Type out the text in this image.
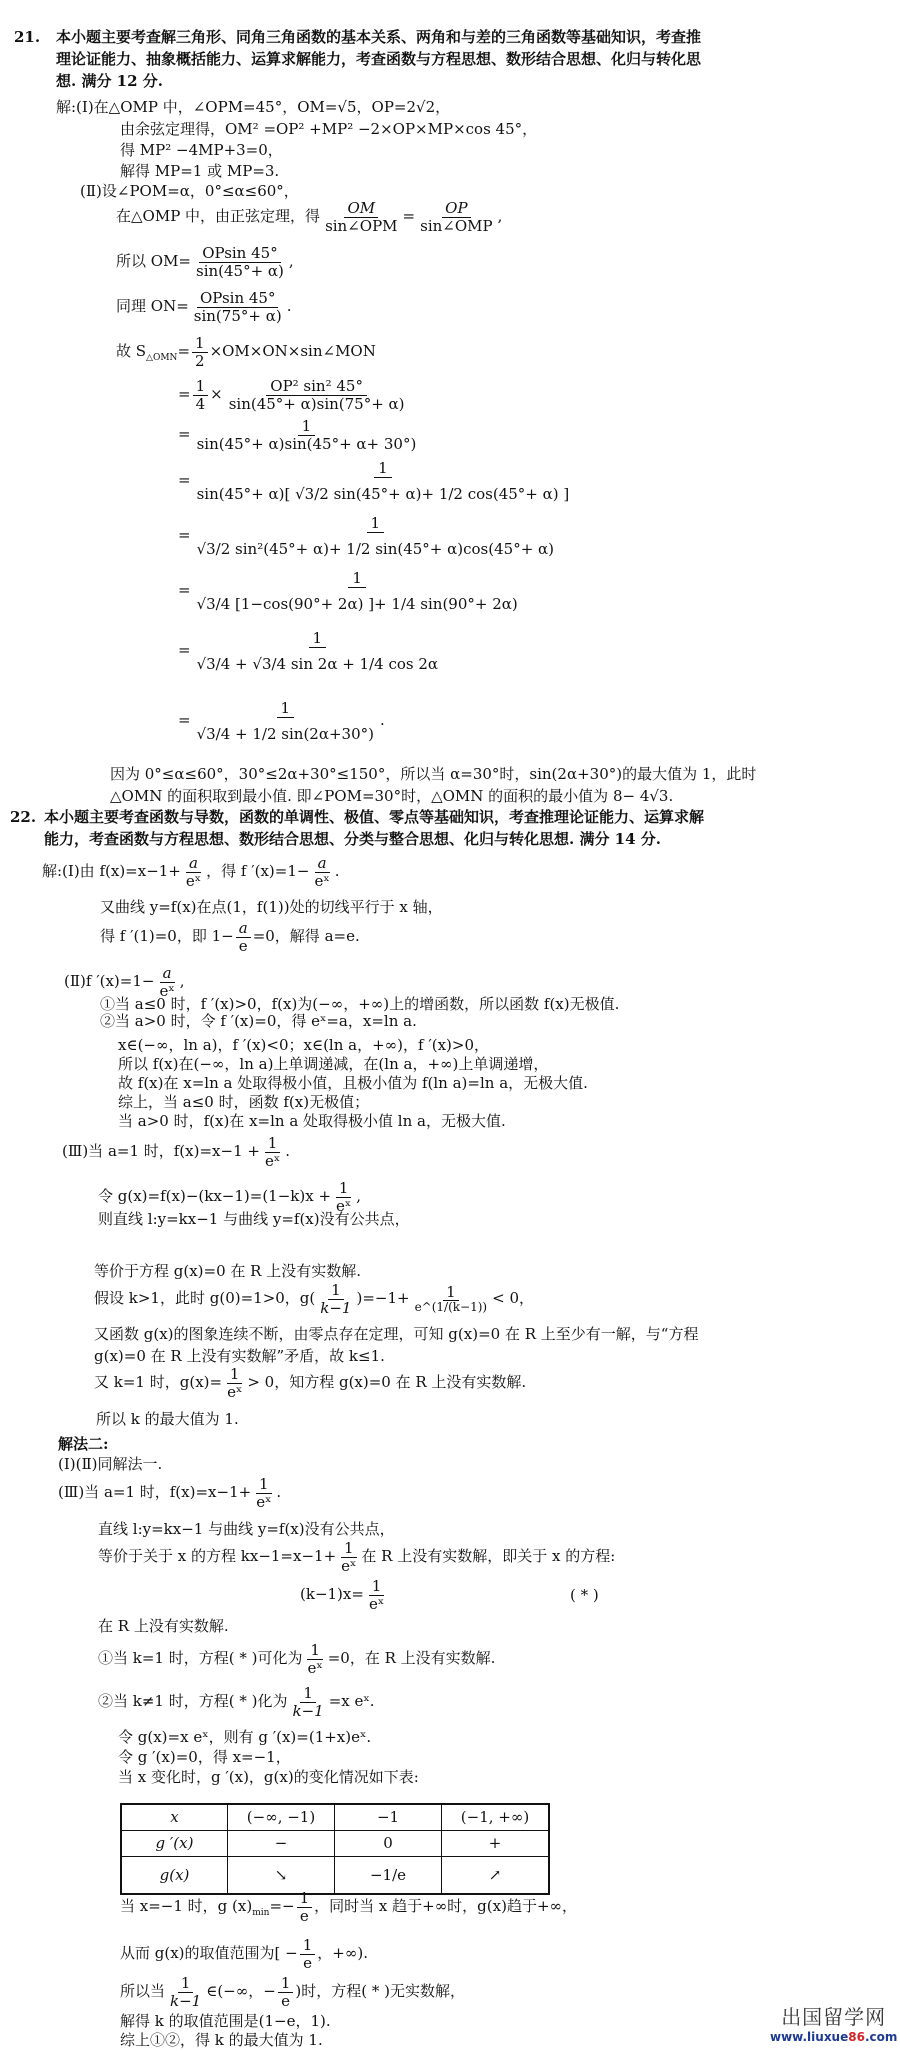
21. 本小题主要考查解三角形、同角三角函数的基本关系、两角和与差的三角函数等基础知识，考查推
理论证能力、抽象概括能力、运算求解能力，考查函数与方程思想、数形结合思想、化归与转化思
想. 满分 12 分.
解:(Ⅰ)在△OMP 中，∠OPM=45°，OM=√5，OP=2√2，
由余弦定理得，OM² =OP² +MP² −2×OP×MP×cos 45°，
得 MP² −4MP+3=0，
解得 MP=1 或 MP=3.
(Ⅱ)设∠POM=α，0°≤α≤60°，
在△OMP 中，由正弦定理，得 $\frac{OM}{\text{sin∠OPM}} = \frac{OP}{\text{sin∠OMP}}$ ,
所以 $OM= \frac{OPsin 45^\circ}{\sin(45^\circ+ \alpha)}$ ,
同理 $ON= \frac{OPsin 45^\circ}{\sin(75^\circ+ \alpha)}$ .
故 $S_{\triangle OMN}= \frac{1}{2}$ ×OM×ON×sin∠MON
= $\frac{1}{4} \times \frac{\text{OP² sin² 45°}}{\sin(45^\circ+ \alpha)\sin(75^\circ+ \alpha)}$
= $\frac{1}{\sin(45^\circ+ \alpha)\sin(45^\circ+ \alpha+ 30^\circ)}$
= $\frac{1}{\sin(45^\circ+ \alpha)[ √3/2 \sin(45^\circ+ \alpha)+ 1/2 \cos(45^\circ+ \alpha) ]}$
= $\frac{1}{\text{√3/2 sin²(45°+ α)+ 1/2 sin(45°+ α)cos(45°+ α)}}$
= $\frac{1}{√3/4 [1-\cos(90^\circ+ 2\alpha) ]+ 1/4 \sin(90^\circ+ 2\alpha)}$
= $\frac{1}{√3/4 + √3/4 \sin 2\alpha + 1/4 \cos 2\alpha}$
= $\frac{1}{√3/4 + 1/2 \sin(2\alpha+30^\circ)}$ .
因为 0°≤α≤60°，30°≤2α+30°≤150°，所以当 α=30°时，sin(2α+30°)的最大值为 1，此时
△OMN 的面积取到最小值. 即∠POM=30°时，△OMN 的面积的最小值为 8− 4√3.
22. 本小题主要考查函数与导数，函数的单调性、极值、零点等基础知识，考查推理论证能力、运算求解
能力，考查函数与方程思想、数形结合思想、分类与整合思想、化归与转化思想. 满分 14 分.
解:(Ⅰ)由 $f(x)=x-1+ \frac{a}{\text{eˣ}}$ ，得 f $'(x)=1- \frac{a}{\text{eˣ}}$ .
又曲线 y=f(x)在点(1，f(1))处的切线平行于 x 轴，
得 f ′(1)=0，即 $1- \frac{a}{e} =0$，解得 a=e.
(Ⅱ)f $'(x)=1- \frac{a}{\text{eˣ}}$ ,
①当 a≤0 时，f ′(x)>0，f(x)为(−∞，+∞)上的增函数，所以函数 f(x)无极值.
②当 a>0 时，令 f ′(x)=0，得 eˣ=a，x=ln a.
x∈(−∞，ln a)，f ′(x)<0；x∈(ln a，+∞)，f ′(x)>0，
所以 f(x)在(−∞，ln a)上单调递减，在(ln a，+∞)上单调递增，
故 f(x)在 x=ln a 处取得极小值，且极小值为 f(ln a)=ln a，无极大值.
综上，当 a≤0 时，函数 f(x)无极值；
当 a>0 时，f(x)在 x=ln a 处取得极小值 ln a，无极大值.
(Ⅲ)当 a=1 时，$f(x)=x-1 + \frac{1}{\text{eˣ}}$ .
令 $g(x)=f(x)-(kx-1)=(1-k)x + \frac{1}{\text{eˣ}}$ ,
则直线 l:y=kx−1 与曲线 y=f(x)没有公共点，
等价于方程 g(x)=0 在 R 上没有实数解.
假设 k>1，此时 g(0)=1>0，$g( \frac{1}{k-1} )=-1+ \frac{1}{e\^{}(1/(k-1))} < 0$，
又函数 g(x)的图象连续不断，由零点存在定理，可知 g(x)=0 在 R 上至少有一解，与“方程
g(x)=0 在 R 上没有实数解”矛盾，故 k≤1.
又 k=1 时，$g(x)= \frac{1}{\text{eˣ}} > 0$，知方程 g(x)=0 在 R 上没有实数解.
所以 k 的最大值为 1.
解法二:
(Ⅰ)(Ⅱ)同解法一.
(Ⅲ)当 a=1 时，$f(x)=x-1+ \frac{1}{\text{eˣ}}$ .
直线 l:y=kx−1 与曲线 y=f(x)没有公共点，
等价于关于 x 的方程 $kx-1=x-1+ \frac{1}{\text{eˣ}}$ 在 R 上没有实数解，即关于 x 的方程:
$(k-1)x= \frac{1}{\text{eˣ}}$	( * )
在 R 上没有实数解.
①当 k=1 时，方程( * )可化为 $\frac{1}{\text{eˣ}} =0$，在 R 上没有实数解.
②当 k≠1 时，方程( * )化为 $\frac{1}{k-1} =x$ eˣ.
令 g(x)=x eˣ，则有 g ′(x)=(1+x)eˣ.
令 g ′(x)=0，得 x=−1，
当 x 变化时，g ′(x)，g(x)的变化情况如下表:
x	(−∞, −1)	−1	(−1, +∞)
g ′(x)	−	0	+
g(x)	↘	−1/e	↗
当 x=−1 时，g $(x)_{min}=- \frac{1}{e}$ ，同时当 x 趋于+∞时，g(x)趋于+∞，
从而 g(x)的取值范围为[ − $\frac{1}{e}$ ，+∞).
所以当 $\frac{1}{k-1}$ ∈(−∞，− $\frac{1}{e}$ )时，方程( * )无实数解，
解得 k 的取值范围是(1−e，1).
综上①②，得 k 的最大值为 1.
出国留学网
www.liuxue86.com
